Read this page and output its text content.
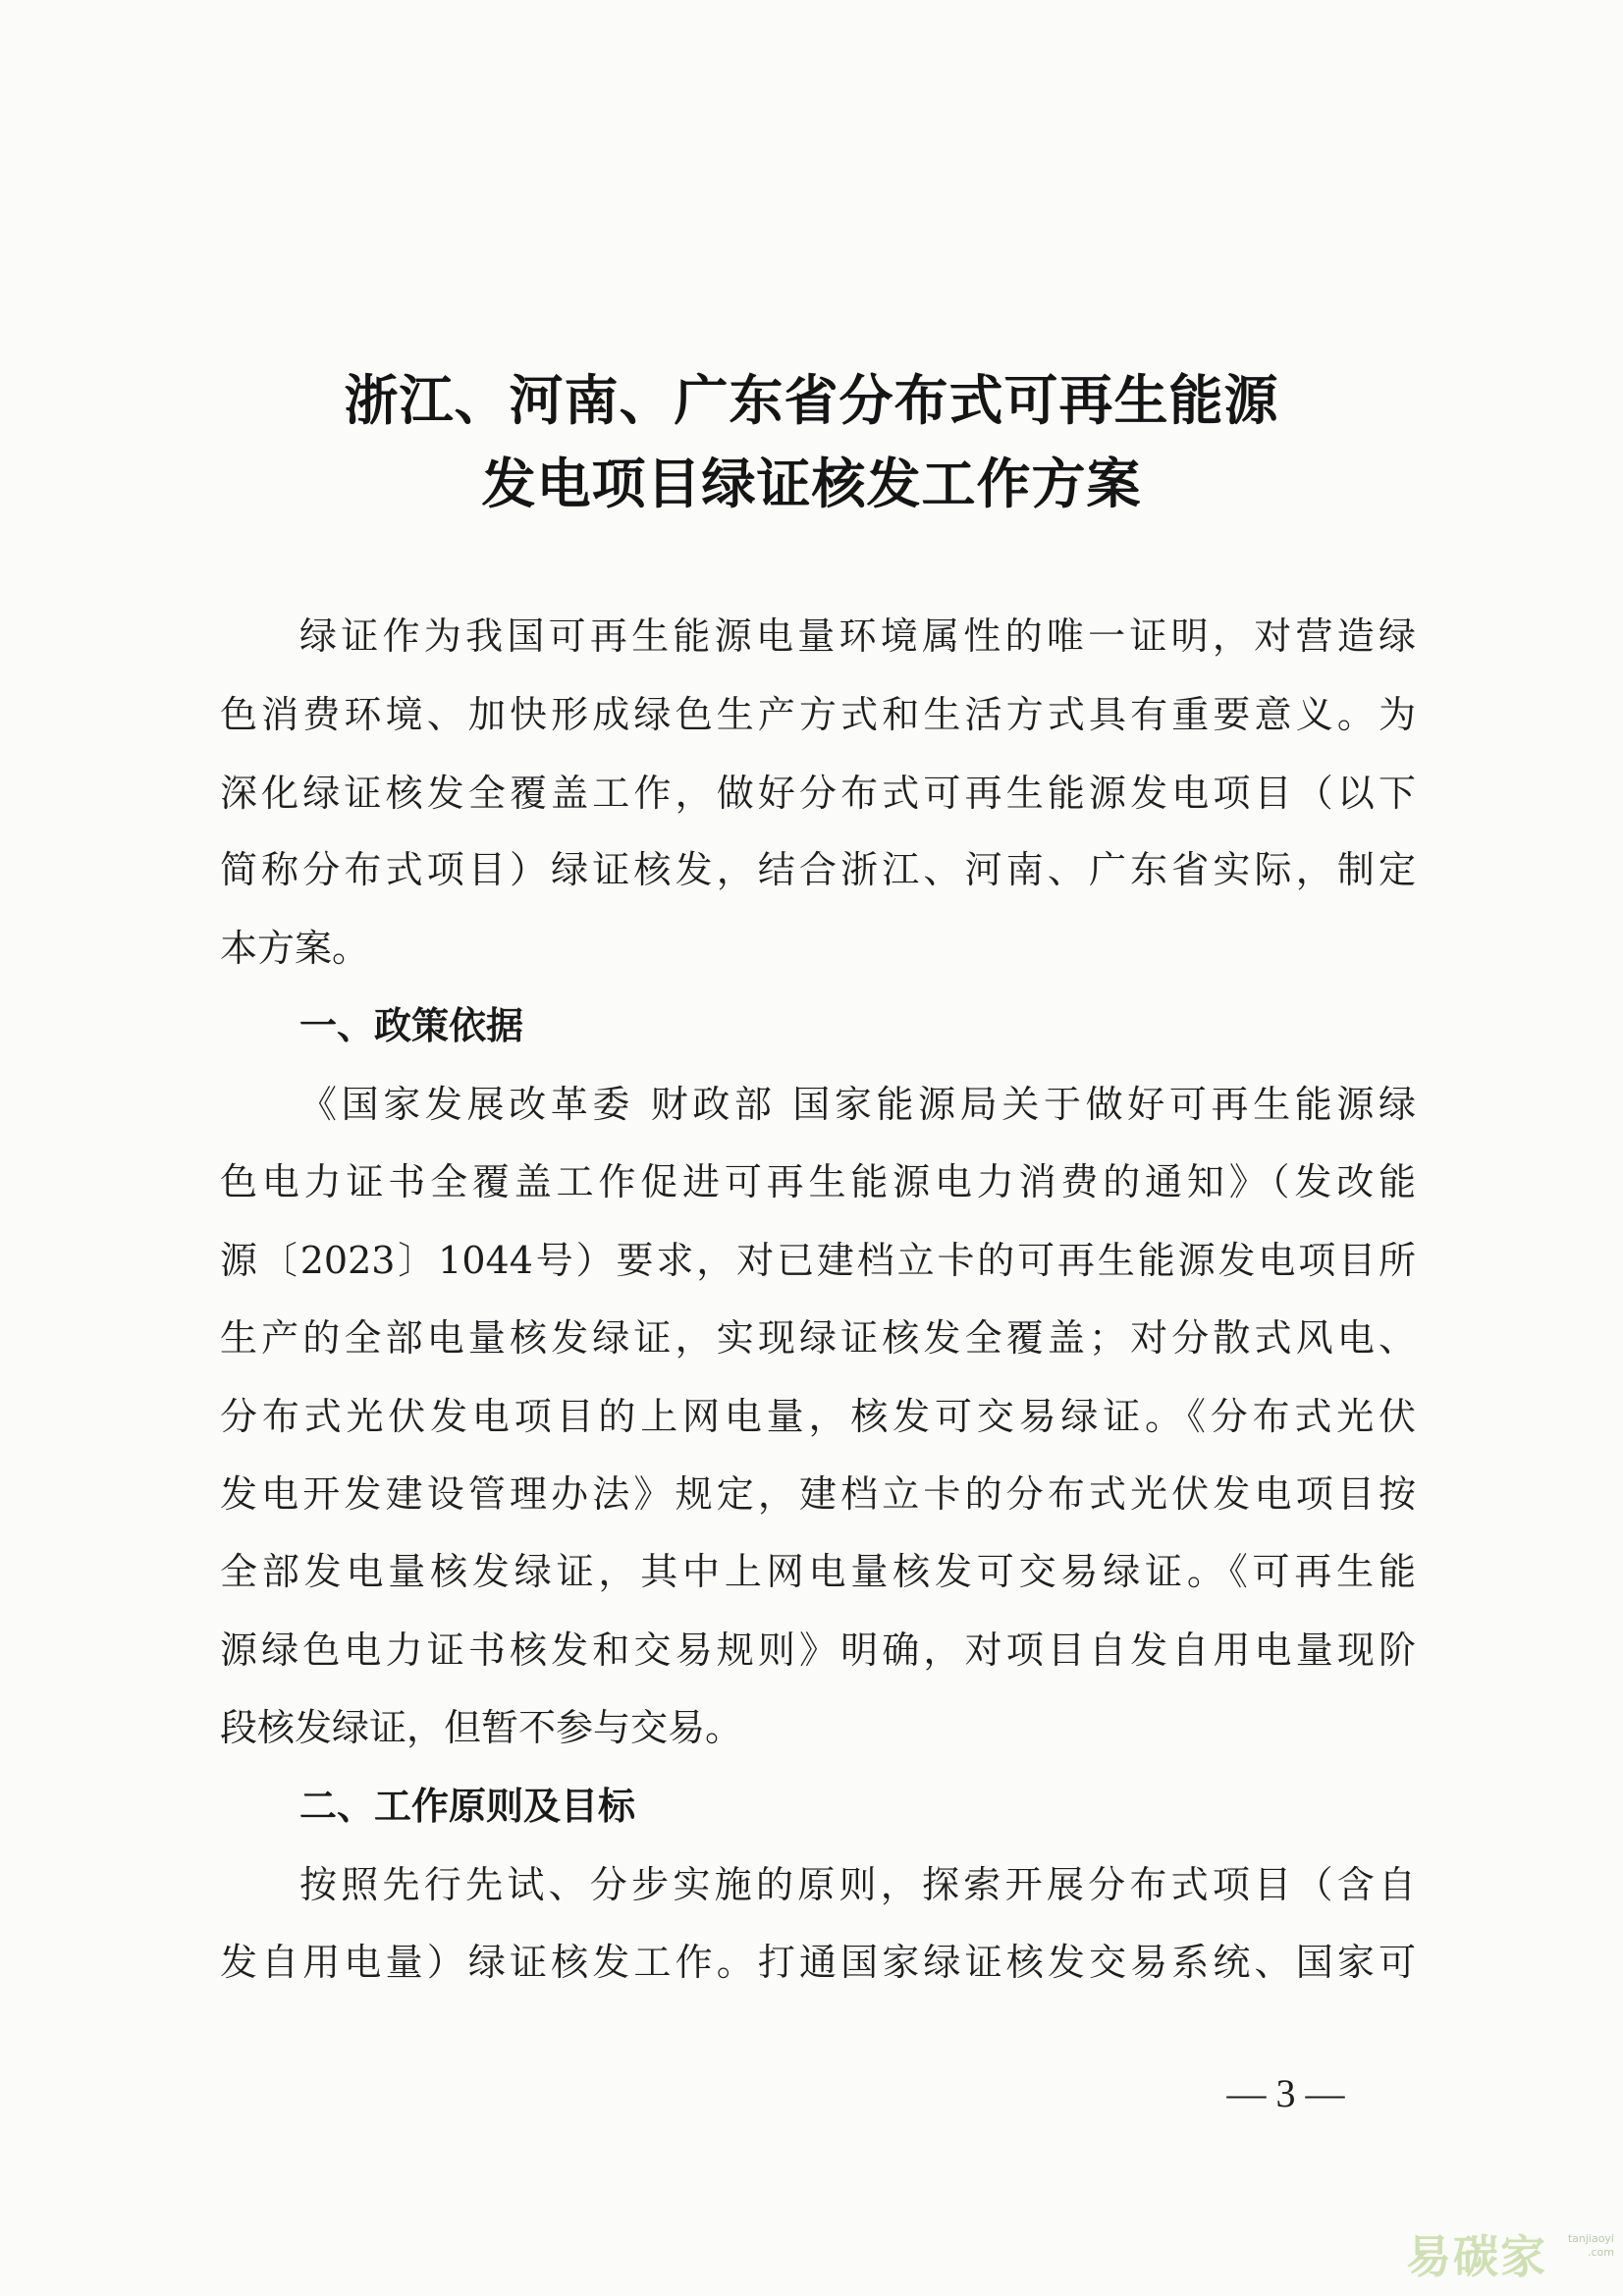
浙江、河南、广东省分布式可再生能源
发电项目绿证核发工作方案

绿证作为我国可再生能源电量环境属性的唯一证明，对营造绿

色消费环境、加快形成绿色生产方式和生活方式具有重要意义。为

深化绿证核发全覆盖工作，做好分布式可再生能源发电项目（以下

简称分布式项目）绿证核发，结合浙江、河南、广东省实际，制定

本方案。

一、政策依据

《国家发展改革委 财政部 国家能源局关于做好可再生能源绿

色电力证书全覆盖工作促进可再生能源电力消费的通知》（发改能

源〔2023〕1044号）要求，对已建档立卡的可再生能源发电项目所

生产的全部电量核发绿证，实现绿证核发全覆盖；对分散式风电、

分布式光伏发电项目的上网电量，核发可交易绿证。《分布式光伏

发电开发建设管理办法》规定，建档立卡的分布式光伏发电项目按

全部发电量核发绿证，其中上网电量核发可交易绿证。《可再生能

源绿色电力证书核发和交易规则》明确，对项目自发自用电量现阶

段核发绿证，但暂不参与交易。

二、工作原则及目标

按照先行先试、分步实施的原则，探索开展分布式项目（含自

发自用电量）绿证核发工作。打通国家绿证核发交易系统、国家可

— 3 —
易碳家	tanjiaoyi
.com
